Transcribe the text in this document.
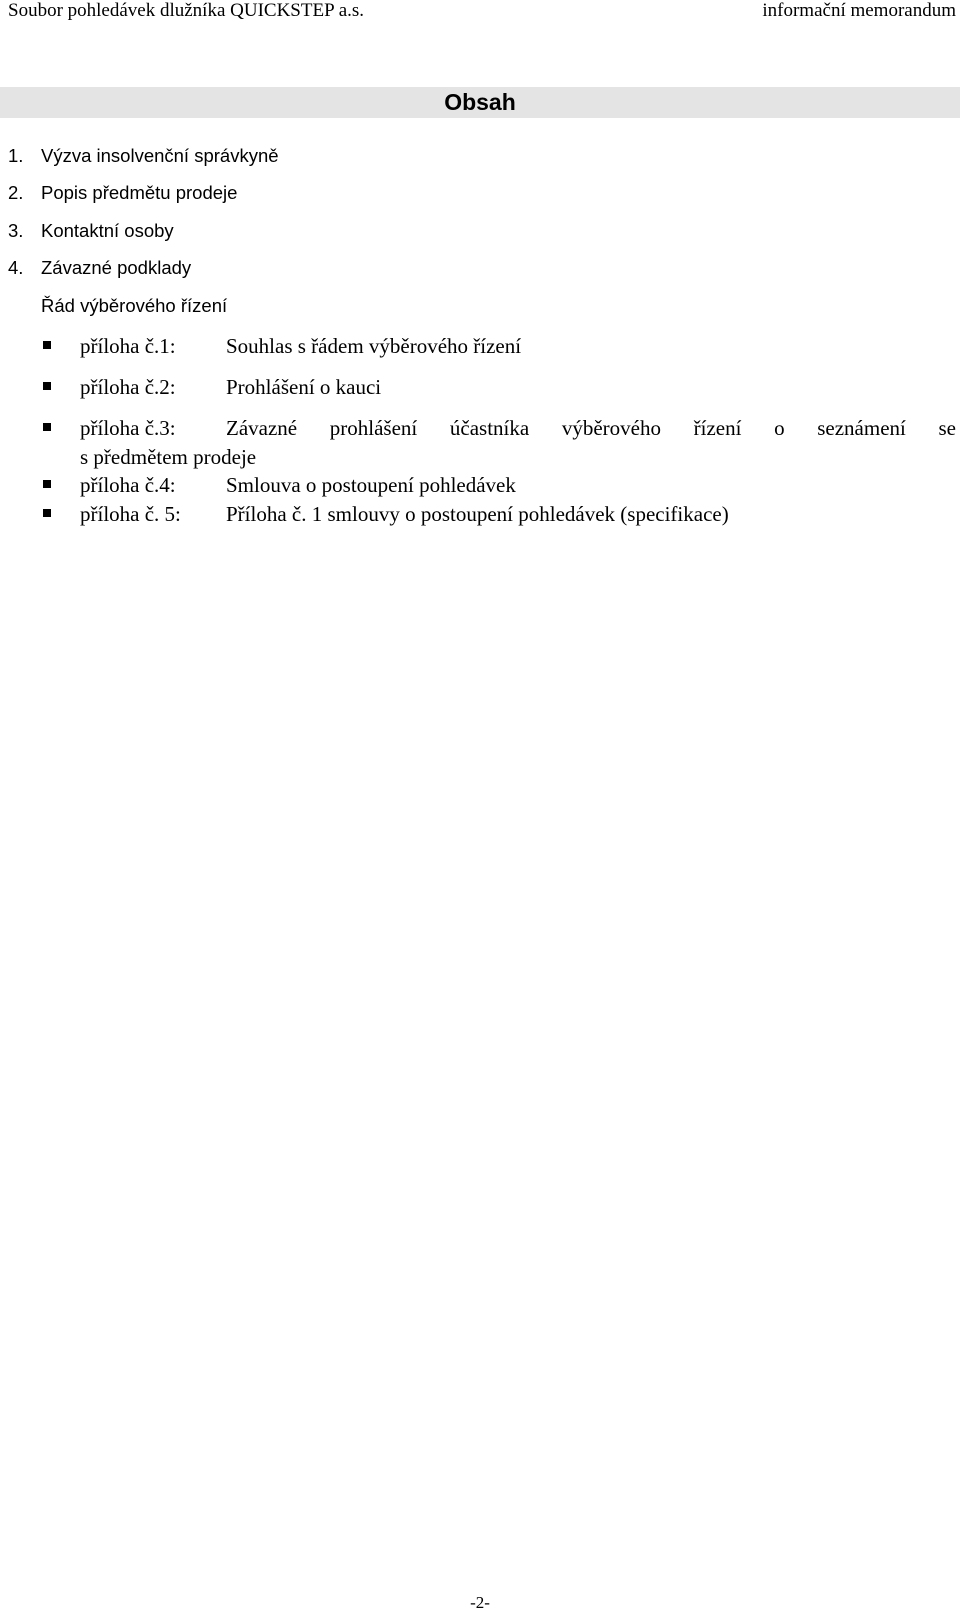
Soubor pohledávek dlužníka QUICKSTEP a.s.	informační memorandum
Obsah
1. Výzva insolvenční správkyně
2. Popis předmětu prodeje
3. Kontaktní osoby
4. Závazné podklady
Řád výběrového řízení
příloha č.1: Souhlas s řádem výběrového řízení
příloha č.2: Prohlášení o kauci
příloha č.3: Závazné prohlášení účastníka výběrového řízení o seznámení se
s předmětem prodeje
příloha č.4: Smlouva o postoupení pohledávek
příloha č. 5: Příloha č. 1 smlouvy o postoupení pohledávek (specifikace)
-2-
